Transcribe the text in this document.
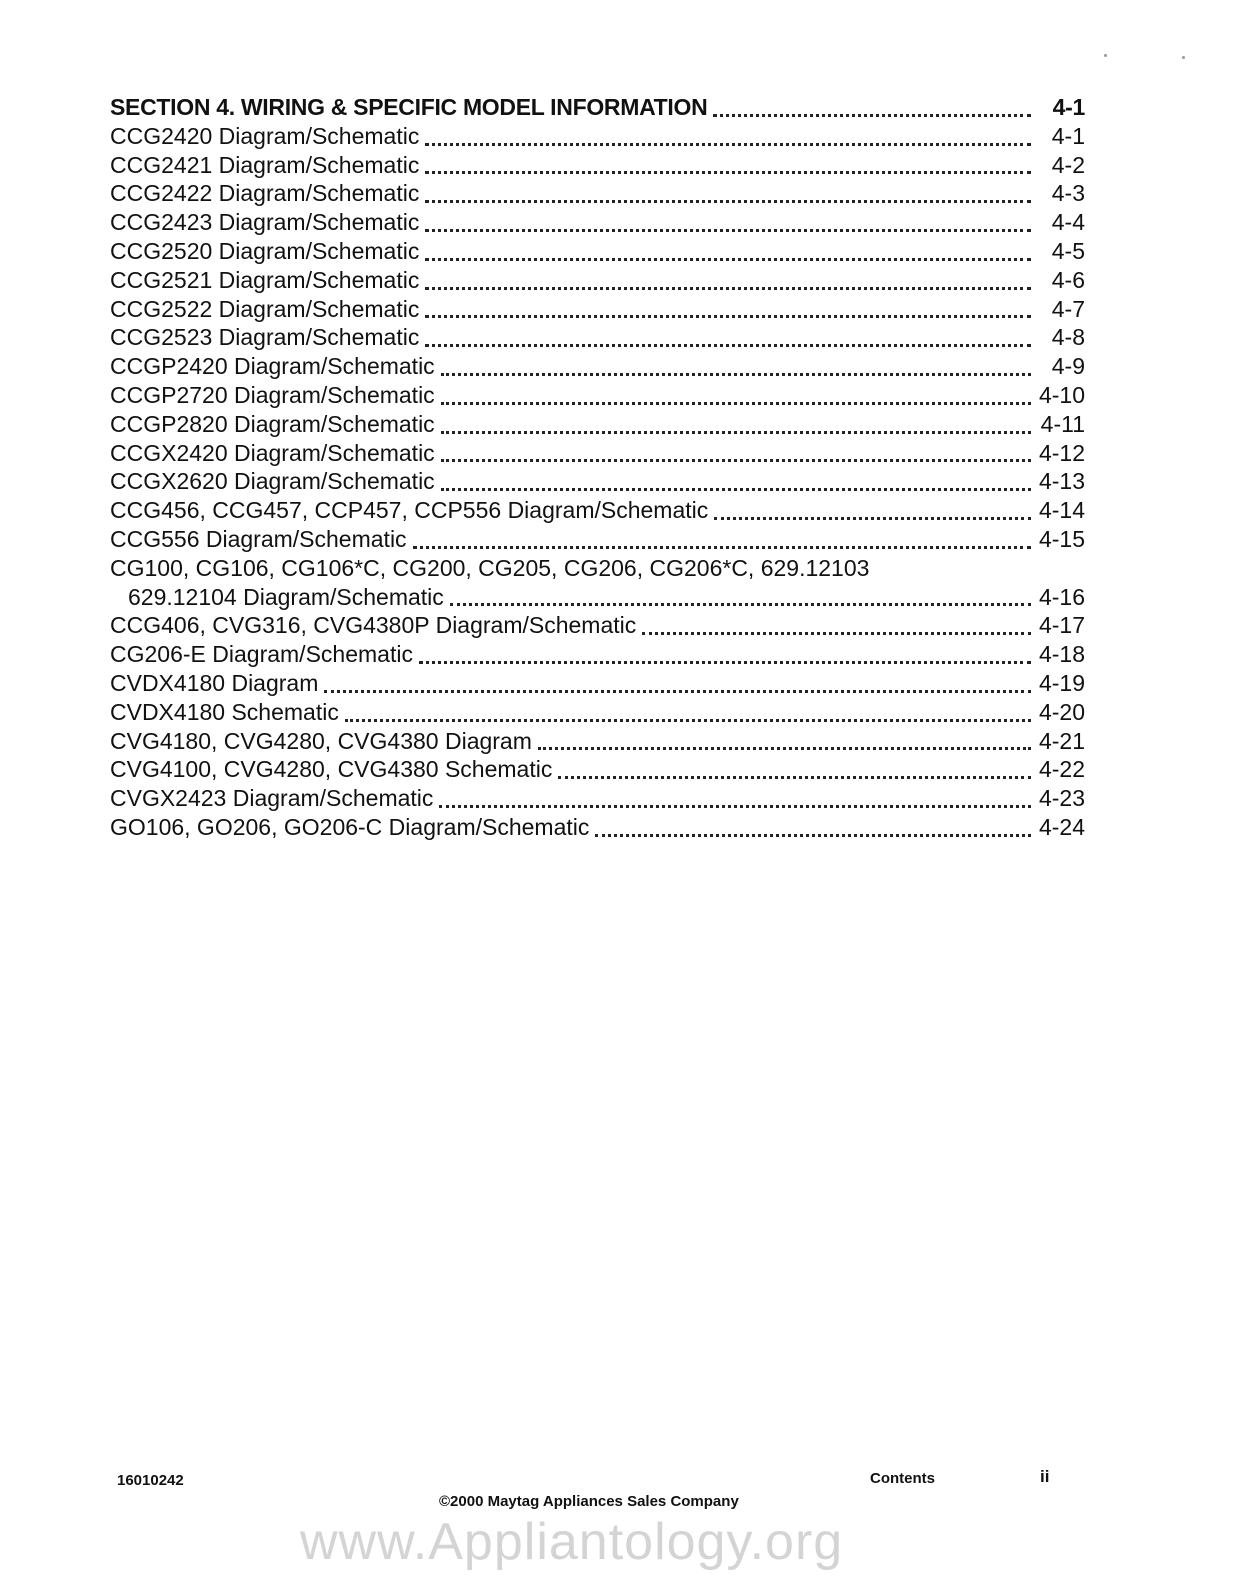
SECTION 4. WIRING & SPECIFIC MODEL INFORMATION	4-1
CCG2420 Diagram/Schematic	4-1
CCG2421 Diagram/Schematic	4-2
CCG2422 Diagram/Schematic	4-3
CCG2423 Diagram/Schematic	4-4
CCG2520 Diagram/Schematic	4-5
CCG2521 Diagram/Schematic	4-6
CCG2522 Diagram/Schematic	4-7
CCG2523 Diagram/Schematic	4-8
CCGP2420 Diagram/Schematic	4-9
CCGP2720 Diagram/Schematic	4-10
CCGP2820 Diagram/Schematic	4-11
CCGX2420 Diagram/Schematic	4-12
CCGX2620 Diagram/Schematic	4-13
CCG456, CCG457, CCP457, CCP556 Diagram/Schematic	4-14
CCG556 Diagram/Schematic	4-15
CG100, CG106, CG106*C, CG200, CG205, CG206, CG206*C, 629.12103
629.12104 Diagram/Schematic	4-16
CCG406, CVG316, CVG4380P Diagram/Schematic	4-17
CG206-E Diagram/Schematic	4-18
CVDX4180 Diagram	4-19
CVDX4180 Schematic	4-20
CVG4180, CVG4280, CVG4380 Diagram	4-21
CVG4100, CVG4280, CVG4380 Schematic	4-22
CVGX2423 Diagram/Schematic	4-23
GO106, GO206, GO206-C Diagram/Schematic	4-24
16010242	Contents	ii
©2000 Maytag Appliances Sales Company
www.Appliantology.org
